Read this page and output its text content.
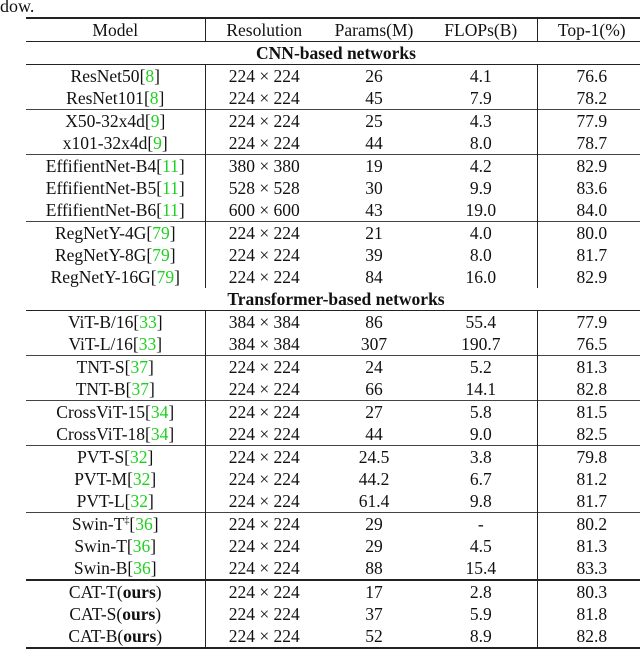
dow.
Model	Resolution	Params(M)	FLOPs(B)	Top-1(%)
CNN-based networks				
ResNet50[8]	224 × 224	26	4.1	76.6
ResNet101[8]	224 × 224	45	7.9	78.2
X50-32x4d[9]	224 × 224	25	4.3	77.9
x101-32x4d[9]	224 × 224	44	8.0	78.7
EffifientNet-B4[11]	380 × 380	19	4.2	82.9
EffifientNet-B5[11]	528 × 528	30	9.9	83.6
EffifientNet-B6[11]	600 × 600	43	19.0	84.0
RegNetY-4G[79]	224 × 224	21	4.0	80.0
RegNetY-8G[79]	224 × 224	39	8.0	81.7
RegNetY-16G[79]	224 × 224	84	16.0	82.9
Transformer-based networks				
ViT-B/16[33]	384 × 384	86	55.4	77.9
ViT-L/16[33]	384 × 384	307	190.7	76.5
TNT-S[37]	224 × 224	24	5.2	81.3
TNT-B[37]	224 × 224	66	14.1	82.8
CrossViT-15[34]	224 × 224	27	5.8	81.5
CrossViT-18[34]	224 × 224	44	9.0	82.5
PVT-S[32]	224 × 224	24.5	3.8	79.8
PVT-M[32]	224 × 224	44.2	6.7	81.2
PVT-L[32]	224 × 224	61.4	9.8	81.7
Swin-T‡[36]	224 × 224	29	-	80.2
Swin-T[36]	224 × 224	29	4.5	81.3
Swin-B[36]	224 × 224	88	15.4	83.3
CAT-T(ours)	224 × 224	17	2.8	80.3
CAT-S(ours)	224 × 224	37	5.9	81.8
CAT-B(ours)	224 × 224	52	8.9	82.8
